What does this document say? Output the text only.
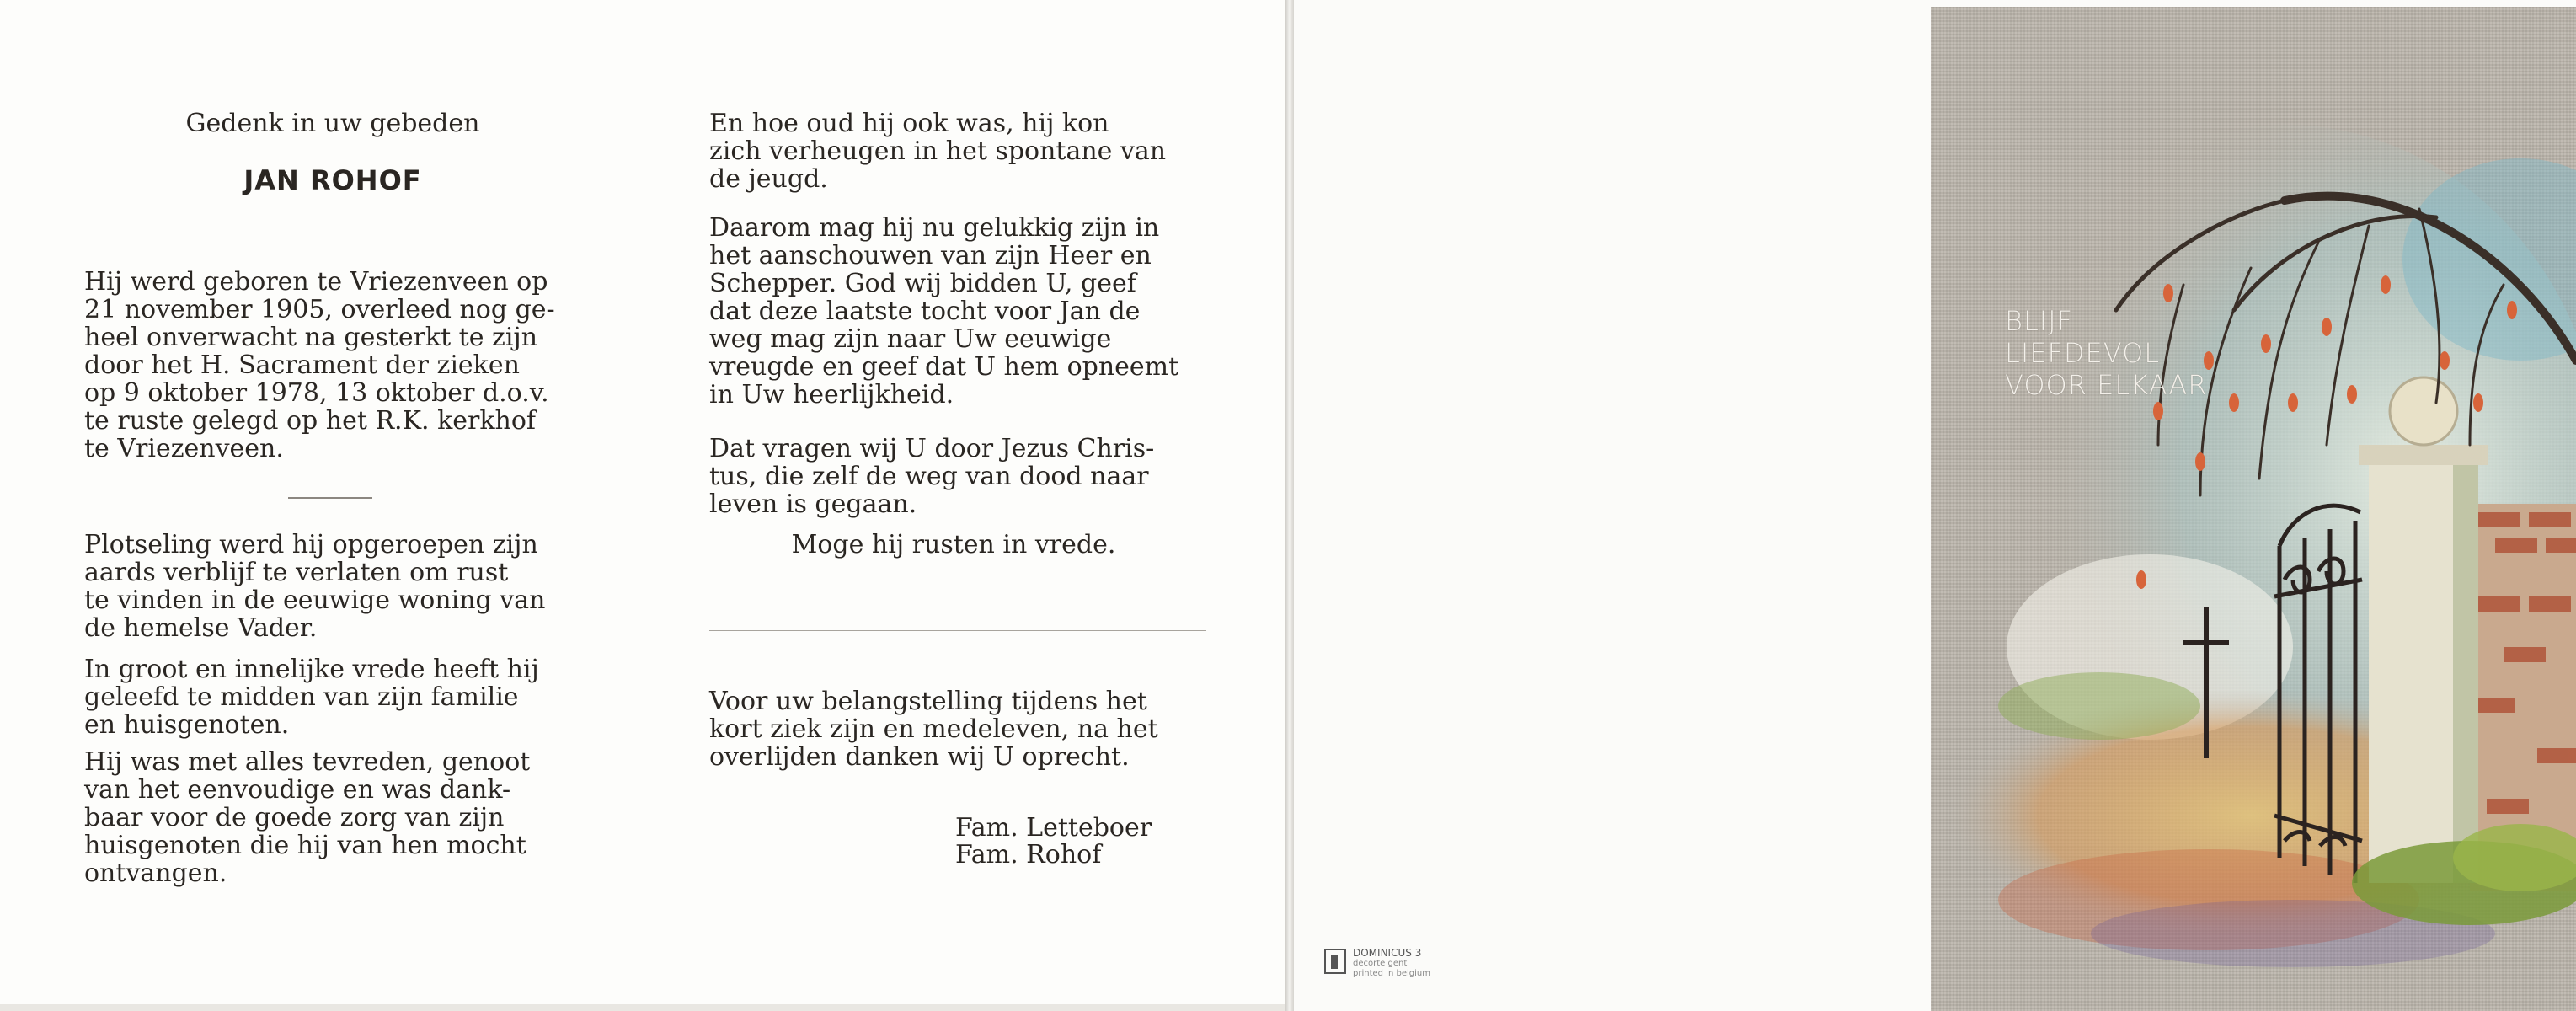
Gedenk in uw gebeden

JAN ROHOF

Hij werd geboren te Vriezenveen op
21 november 1905, overleed nog ge-
heel onverwacht na gesterkt te zijn
door het H. Sacrament der zieken
op 9 oktober 1978, 13 oktober d.o.v.
te ruste gelegd op het R.K. kerkhof
te Vriezenveen.

Plotseling werd hij opgeroepen zijn
aards verblijf te verlaten om rust
te vinden in de eeuwige woning van
de hemelse Vader.

In groot en innelijke vrede heeft hij
geleefd te midden van zijn familie
en huisgenoten.

Hij was met alles tevreden, genoot
van het eenvoudige en was dank-
baar voor de goede zorg van zijn
huisgenoten die hij van hen mocht
ontvangen.

En hoe oud hij ook was, hij kon
zich verheugen in het spontane van
de jeugd.

Daarom mag hij nu gelukkig zijn in
het aanschouwen van zijn Heer en
Schepper. God wij bidden U, geef
dat deze laatste tocht voor Jan de
weg mag zijn naar Uw eeuwige
vreugde en geef dat U hem opneemt
in Uw heerlijkheid.

Dat vragen wij U door Jezus Chris-
tus, die zelf de weg van dood naar
leven is gegaan.

Moge hij rusten in vrede.

Voor uw belangstelling tijdens het
kort ziek zijn en medeleven, na het
overlijden danken wij U oprecht.

Fam. Letteboer

Fam. Rohof

DOMINICUS 3

decorte gent

printed in belgium

BLIJF
LIEFDEVOL
VOOR ELKAAR
